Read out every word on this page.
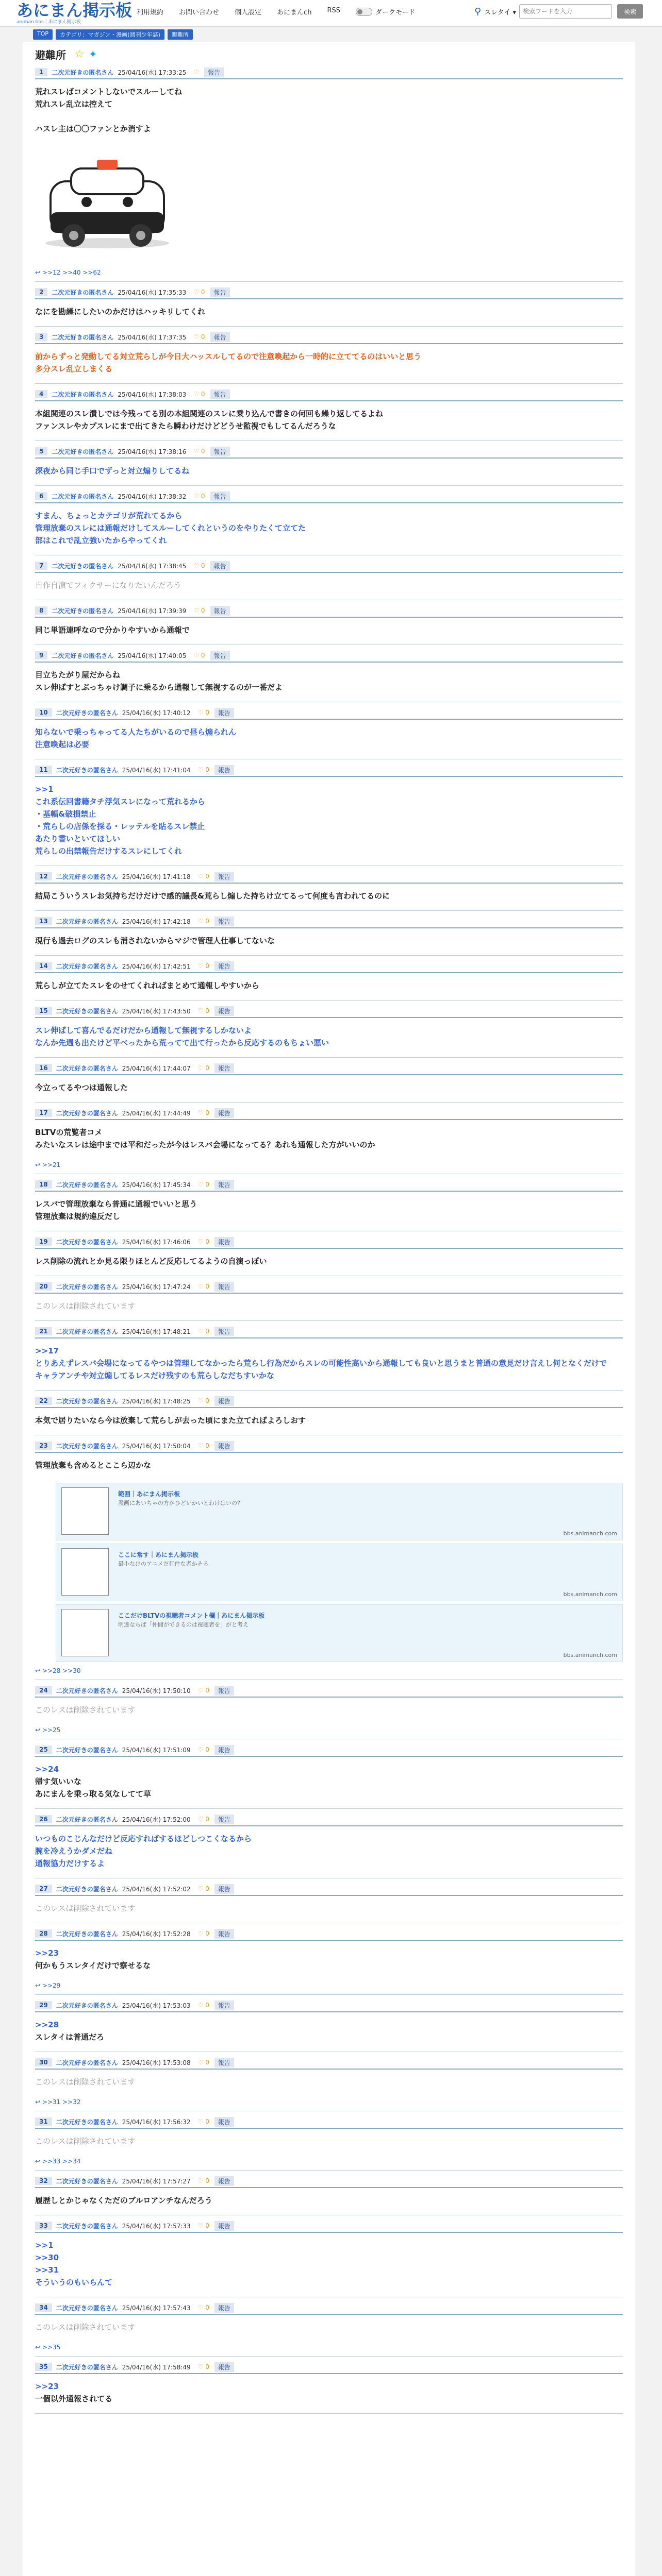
あにまん掲示板
animan bbs｜あにまん掲示板
利用規約 お問い合わせ 個人設定 あにまんch RSS	ダークモード	⚲ スレタイ ▾
検索ワードを入力	検索
TOP	カテゴリ：マガジン・漫画(週刊少年誌)	避難所
避難所 ☆ ✦
1	二次元好きの匿名さん 25/04/16(水) 17:33:25 ♡	報告

荒れスレばコメントしないでスルーしてね

荒れスレ乱立は控えて

ハスレ主は〇〇ファンとか消すよ

↩ >>12 >>40 >>62
2	二次元好きの匿名さん 25/04/16(水) 17:35:33 ♡ 0	報告

なにを勘繰にしたいのかだけはハッキリしてくれ

3	二次元好きの匿名さん 25/04/16(水) 17:37:35 ♡ 0	報告

前からずっと発動してる対立荒らしが今日大ハッスルしてるので注意喚起から一時的に立ててるのはいいと思う

多分スレ乱立しまくる

4	二次元好きの匿名さん 25/04/16(水) 17:38:03 ♡ 0	報告

本組関連のスレ潰しでは今残ってる別の本組関連のスレに乗り込んで書きの何回も繰り返してるよね

ファンスレやカプスレにまで出てきたら瞬わけだけどどうせ監視でもしてるんだろうな

5	二次元好きの匿名さん 25/04/16(水) 17:38:16 ♡ 0	報告

深夜から同じ手口でずっと対立煽りしてるね

6	二次元好きの匿名さん 25/04/16(水) 17:38:32 ♡ 0	報告

すまん、ちょっとカテゴリが荒れてるから

管理放棄のスレには通報だけしてスルーしてくれというのをやりたくて立てた

部はこれで乱立強いたからやってくれ

7	二次元好きの匿名さん 25/04/16(水) 17:38:45 ♡ 0	報告

自作自演でフィクサーになりたいんだろう

8	二次元好きの匿名さん 25/04/16(水) 17:39:39 ♡ 0	報告

同じ単語連呼なので分かりやすいから通報で

9	二次元好きの匿名さん 25/04/16(水) 17:40:05 ♡ 0	報告

目立ちたがり屋だからね

スレ伸ばすとぶっちゃけ調子に乗るから通報して無視するのが一番だよ

10	二次元好きの匿名さん 25/04/16(水) 17:40:12 ♡ 0	報告

知らないで乗っちゃってる人たちがいるので昼ら煽られん

注意喚起は必要

11	二次元好きの匿名さん 25/04/16(水) 17:41:04 ♡ 0	報告

>>1

これ系伝回書籍タチ浮気スレになって荒れるから

・基幅&破損禁止

・荒らしの店係を採る・レッテルを貼るスレ禁止

あたり書いといてほしい

荒らしの出禁報告だけするスレにしてくれ

12	二次元好きの匿名さん 25/04/16(水) 17:41:18 ♡ 0	報告

結局こういうスレお気持ちだけだけで感的議長&荒らし煽した持ちけ立てるって何度も言われてるのに

13	二次元好きの匿名さん 25/04/16(水) 17:42:18 ♡ 0	報告

現行も過去ログのスレも消されないからマジで管理人仕事してないな

14	二次元好きの匿名さん 25/04/16(水) 17:42:51 ♡ 0	報告

荒らしが立てたスレをのせてくれればまとめて通報しやすいから

15	二次元好きの匿名さん 25/04/16(水) 17:43:50 ♡ 0	報告

スレ伸ばして喜んでるだけだから通報して無視するしかないよ

なんか先週も出たけど平べったから荒ってて出て行ったから反応するのもちょい悪い

16	二次元好きの匿名さん 25/04/16(水) 17:44:07 ♡ 0	報告

今立ってるやつは通報した

17	二次元好きの匿名さん 25/04/16(水) 17:44:49 ♡ 0	報告

BLTVの荒覧者コメ

みたいなスレは途中までは平和だったが今はレスバ会場になってる？あれも通報した方がいいのか

↩ >>21
18	二次元好きの匿名さん 25/04/16(水) 17:45:34 ♡ 0	報告

レスバで管理放棄なら普通に通報でいいと思う

管理放棄は規約違反だし

19	二次元好きの匿名さん 25/04/16(水) 17:46:06 ♡ 0	報告

レス削除の流れとか見る限りほとんど反応してるようの自演っぽい

20	二次元好きの匿名さん 25/04/16(水) 17:47:24 ♡ 0	報告

このレスは削除されています

21	二次元好きの匿名さん 25/04/16(水) 17:48:21 ♡ 0	報告

>>17

とりあえずレスバ会場になってるやつは管理してなかったら荒らし行為だからスレの可能性高いから通報しても良いと思うまと普通の意見だけ言えし何となくだけで

キャラアンチや対立煽してるレスだけ残すのも荒らしなだちすいかな

22	二次元好きの匿名さん 25/04/16(水) 17:48:25 ♡ 0	報告

本気で居りたいなら今は放棄して荒らしが去った頃にまた立てればよろしおす

23	二次元好きの匿名さん 25/04/16(水) 17:50:04 ♡ 0	報告

管理放棄も含めるとここら辺かな

範囲｜あにまん掲示板
漫画にあいちゃの方がひどいかいとわけはいの？
bbs.animanch.com
ここに常す｜あにまん掲示板
最小なけのアニメだ行件な者かそる
bbs.animanch.com
ここだけBLTVの視聴者コメント欄｜あにまん掲示板
明達ならば「仲間ができるのは視聴者を」がと考え
bbs.animanch.com
↩ >>28 >>30
24	二次元好きの匿名さん 25/04/16(水) 17:50:10 ♡ 0	報告

このレスは削除されています

↩ >>25
25	二次元好きの匿名さん 25/04/16(水) 17:51:09 ♡ 0	報告

>>24

帰す気いいな

あにまんを乗っ取る気なしてて草

26	二次元好きの匿名さん 25/04/16(水) 17:52:00 ♡ 0	報告

いつものこじんなだけど反応すればするほどしつこくなるから

腕を冷えうかダメだね

通報協力だけするよ

27	二次元好きの匿名さん 25/04/16(水) 17:52:02 ♡ 0	報告

このレスは削除されています

28	二次元好きの匿名さん 25/04/16(水) 17:52:28 ♡ 0	報告

>>23

何かもうスレタイだけで察せるな

↩ >>29
29	二次元好きの匿名さん 25/04/16(水) 17:53:03 ♡ 0	報告

>>28

スレタイは普通だろ

30	二次元好きの匿名さん 25/04/16(水) 17:53:08 ♡ 0	報告

このレスは削除されています

↩ >>31 >>32
31	二次元好きの匿名さん 25/04/16(水) 17:56:32 ♡ 0	報告

このレスは削除されています

↩ >>33 >>34
32	二次元好きの匿名さん 25/04/16(水) 17:57:27 ♡ 0	報告

履歴しとかじゃなくただのブルロアンチなんだろう

33	二次元好きの匿名さん 25/04/16(水) 17:57:33 ♡ 0	報告

>>1

>>30

>>31

そういうのもいらんて

34	二次元好きの匿名さん 25/04/16(水) 17:57:43 ♡ 0	報告

このレスは削除されています

↩ >>35
35	二次元好きの匿名さん 25/04/16(水) 17:58:49 ♡ 0	報告

>>23

一個以外通報されてる
